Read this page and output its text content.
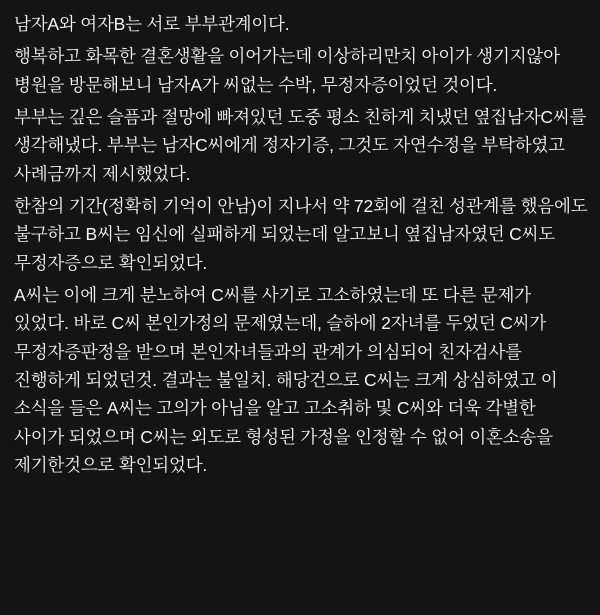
남자A와 여자B는 서로 부부관계이다.

행복하고 화목한 결혼생활을 이어가는데 이상하리만치 아이가 생기지않아 병원을 방문해보니 남자A가 씨없는 수박, 무정자증이었던 것이다.

부부는 깊은 슬픔과 절망에 빠져있던 도중 평소 친하게 치냈던 옆집남자C씨를 생각해냈다. 부부는 남자C씨에게 정자기증, 그것도 자연수정을 부탁하였고 사례금까지 제시했었다.

한참의 기간(정확히 기억이 안남)이 지나서 약 72회에 걸친 성관계를 했음에도 불구하고 B씨는 임신에 실패하게 되었는데 알고보니 옆집남자였던 C씨도 무정자증으로 확인되었다.

A씨는 이에 크게 분노하여 C씨를 사기로 고소하였는데 또 다른 문제가 있었다. 바로 C씨 본인가정의 문제였는데, 슬하에 2자녀를 두었던 C씨가 무정자증판정을 받으며 본인자녀들과의 관계가 의심되어 친자검사를 진행하게 되었던것. 결과는 불일치. 해당건으로 C씨는 크게 상심하였고 이 소식을 들은 A씨는 고의가 아님을 알고 고소취하 및 C씨와 더욱 각별한 사이가 되었으며 C씨는 외도로 형성된 가정을 인정할 수 없어 이혼소송을 제기한것으로 확인되었다.
